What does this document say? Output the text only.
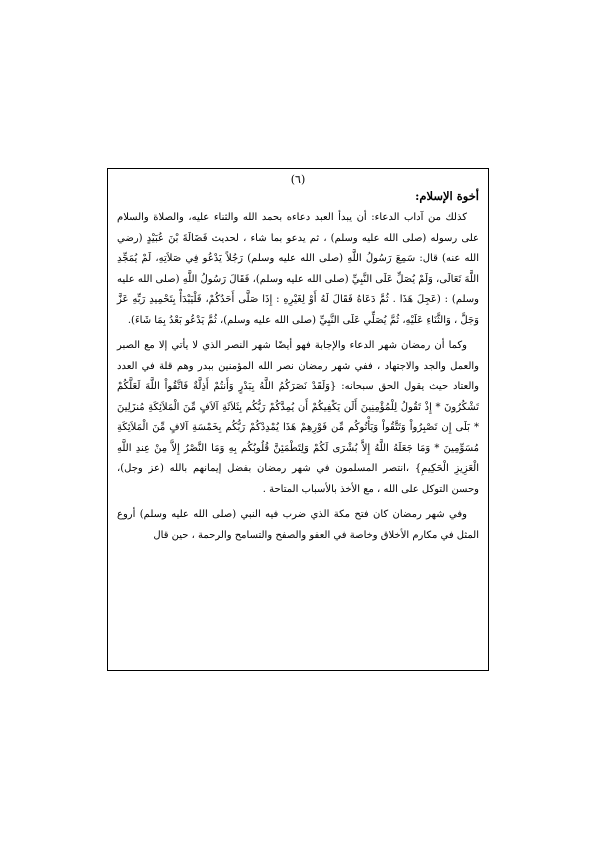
(٦)
أخوة الإسلام:

كذلك من آداب الدعاء: أن يبدأ العبد دعاءه بحمد الله والثناء عليه، والصلاة والسلام على رسوله (صلى الله عليه وسلم) ، ثم يدعو بما شاء ، لحديث فَضَالَةَ بْنَ عُبَيْدٍ (رضي الله عنه) قال: سَمِعَ رَسُولُ اللَّهِ (صلى الله عليه وسلم) رَجُلاً يَدْعُو فِي صَلاَتِهِ، لَمْ يُمَجِّدِ اللَّهَ تَعَالَى، وَلَمْ يُصَلِّ عَلَى النَّبِيِّ (صلى الله عليه وسلم)، فَقَالَ رَسُولُ اللَّهِ (صلى الله عليه وسلم) : (عَجِلَ هَذَا . ثُمَّ دَعَاهُ فَقَالَ لَهُ أَوْ لِغَيْرِهِ : إِذَا صَلَّى أَحَدُكُمْ، فَلْيَبْدَأْ بِتَحْمِيدِ رَبِّهِ عَزَّ وَجَلَّ ، وَالثَّنَاءِ عَلَيْهِ، ثُمَّ يُصَلِّي عَلَى النَّبِيِّ (صلى الله عليه وسلم)، ثُمَّ يَدْعُو بَعْدُ بِمَا شَاءَ).

وكما أن رمضان شهر الدعاء والإجابة فهو أيضًا شهر النصر الذي لا يأتي إلا مع الصبر والعمل والجد والاجتهاد ، ففي شهر رمضان نصر الله المؤمنين ببدر وهم قلة في العدد والعتاد حيث يقول الحق سبحانه: {وَلَقَدْ نَصَرَكُمُ اللَّهُ بِبَدْرٍ وَأَنتُمْ أَذِلَّةٌ فَاتَّقُواْ اللَّهَ لَعَلَّكُمْ تَشْكُرُونَ * إِذْ تَقُولُ لِلْمُؤْمِنِينَ أَلَن يَكْفِيكُمْ أَن يُمِدَّكُمْ رَبُّكُم بِثَلاَثَةِ آلاَفٍ مِّنَ الْمَلاَئِكَةِ مُنزَلِينَ * بَلَى إِن تَصْبِرُواْ وَتَتَّقُواْ وَيَأْتُوكُم مِّن فَوْرِهِمْ هَذَا يُمْدِدْكُمْ رَبُّكُم بِخَمْسَةِ آلافٍ مِّنَ الْمَلاَئِكَةِ مُسَوِّمِينَ * وَمَا جَعَلَهُ اللَّهُ إِلاَّ بُشْرَى لَكُمْ وَلِتَطْمَئِنَّ قُلُوبُكُم بِهِ وَمَا النَّصْرُ إِلاَّ مِنْ عِندِ اللَّهِ الْعَزِيزِ الْحَكِيمِ} ،انتصر المسلمون في شهر رمضان بفضل إيمانهم بالله (عز وجل)، وحسن التوكل على الله ، مع الأخذ بالأسباب المتاحة .

وفي شهر رمضان كان فتح مكة الذي ضرب فيه النبي (صلى الله عليه وسلم) أروع المثل في مكارم الأخلاق وخاصة في العفو والصفح والتسامح والرحمة ، حين قال
